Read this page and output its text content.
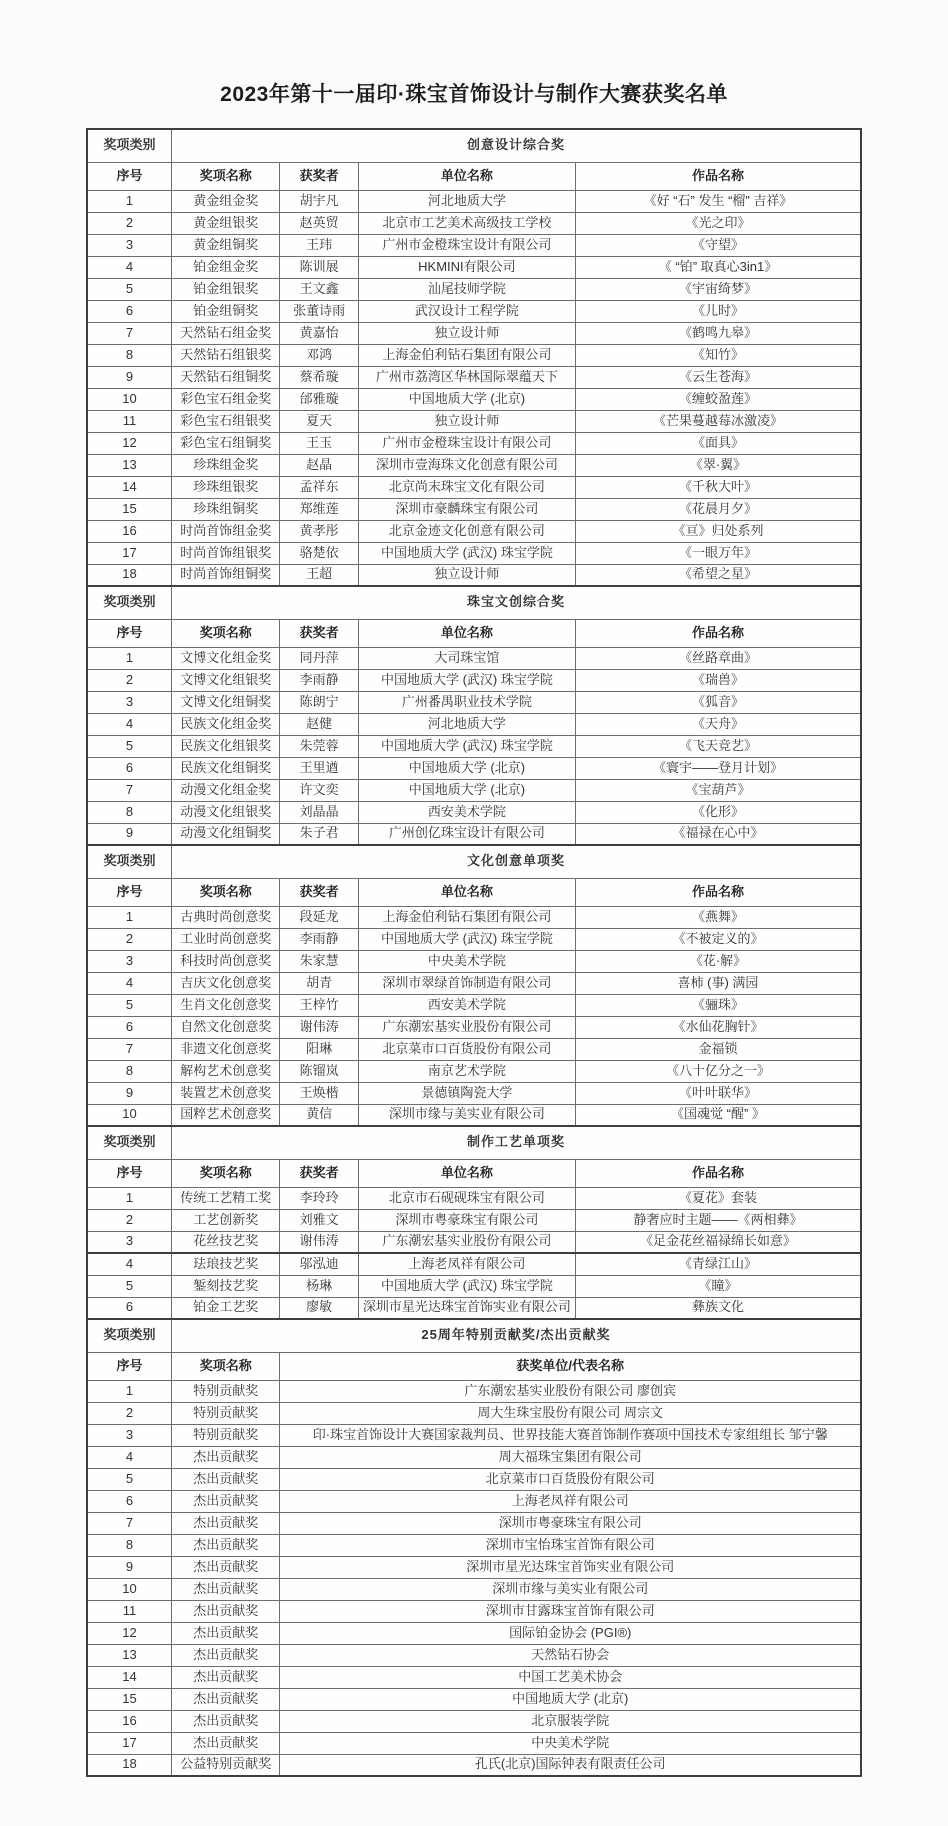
2023年第十一届印·珠宝首饰设计与制作大赛获奖名单
奖项类别	创意设计综合奖			
序号	奖项名称	获奖者	单位名称	作品名称
1	黄金组金奖	胡宇凡	河北地质大学	《好 “石” 发生 “榴” 吉祥》
2	黄金组银奖	赵英贸	北京市工艺美术高级技工学校	《光之印》
3	黄金组铜奖	王玮	广州市金橙珠宝设计有限公司	《守望》
4	铂金组金奖	陈训展	HKMINI有限公司	《 “铂” 取真心3in1》
5	铂金组银奖	王文鑫	汕尾技师学院	《宇宙绮梦》
6	铂金组铜奖	张董诗雨	武汉设计工程学院	《儿时》
7	天然钻石组金奖	黄嘉怡	独立设计师	《鹤鸣九皋》
8	天然钻石组银奖	邓鸿	上海金伯利钻石集团有限公司	《知竹》
9	天然钻石组铜奖	蔡希璇	广州市荔湾区华林国际翠蕴天下	《云生苍海》
10	彩色宝石组金奖	邰雅璇	中国地质大学 (北京)	《缠蛟盈莲》
11	彩色宝石组银奖	夏天	独立设计师	《芒果蔓越莓冰激凌》
12	彩色宝石组铜奖	王玉	广州市金橙珠宝设计有限公司	《面具》
13	珍珠组金奖	赵晶	深圳市壹海珠文化创意有限公司	《翠·翼》
14	珍珠组银奖	孟祥东	北京尚末珠宝文化有限公司	《千秋大叶》
15	珍珠组铜奖	郑维莲	深圳市豪麟珠宝有限公司	《花晨月夕》
16	时尚首饰组金奖	黄孝彤	北京金迹文化创意有限公司	《亘》归处系列
17	时尚首饰组银奖	骆楚依	中国地质大学 (武汉) 珠宝学院	《一眼万年》
18	时尚首饰组铜奖	王超	独立设计师	《希望之星》
奖项类别	珠宝文创综合奖			
序号	奖项名称	获奖者	单位名称	作品名称
1	文博文化组金奖	同丹萍	大司珠宝馆	《丝路章曲》
2	文博文化组银奖	李雨静	中国地质大学 (武汉) 珠宝学院	《瑞兽》
3	文博文化组铜奖	陈朗宁	广州番禺职业技术学院	《狐音》
4	民族文化组金奖	赵健	河北地质大学	《天舟》
5	民族文化组银奖	朱莞蓉	中国地质大学 (武汉) 珠宝学院	《飞天竞艺》
6	民族文化组铜奖	王里遒	中国地质大学 (北京)	《寰宇——登月计划》
7	动漫文化组金奖	许文奕	中国地质大学 (北京)	《宝葫芦》
8	动漫文化组银奖	刘晶晶	西安美术学院	《化形》
9	动漫文化组铜奖	朱子君	广州创亿珠宝设计有限公司	《福禄在心中》
奖项类别	文化创意单项奖			
序号	奖项名称	获奖者	单位名称	作品名称
1	古典时尚创意奖	段延龙	上海金伯利钻石集团有限公司	《燕舞》
2	工业时尚创意奖	李雨静	中国地质大学 (武汉) 珠宝学院	《不被定义的》
3	科技时尚创意奖	朱家慧	中央美术学院	《花·解》
4	吉庆文化创意奖	胡青	深圳市翠绿首饰制造有限公司	喜柿 (事) 满园
5	生肖文化创意奖	王梓竹	西安美术学院	《骊珠》
6	自然文化创意奖	谢伟涛	广东潮宏基实业股份有限公司	《水仙花胸针》
7	非遗文化创意奖	阳琳	北京菜市口百货股份有限公司	金福锁
8	解构艺术创意奖	陈镏岚	南京艺术学院	《八十亿分之一》
9	装置艺术创意奖	王焕楷	景德镇陶瓷大学	《叶叶联华》
10	国粹艺术创意奖	黄信	深圳市缘与美实业有限公司	《国魂觉 “醒” 》
奖项类别	制作工艺单项奖			
序号	奖项名称	获奖者	单位名称	作品名称
1	传统工艺精工奖	李玲玲	北京市石砚砚珠宝有限公司	《夏花》套装
2	工艺创新奖	刘雅文	深圳市粤豪珠宝有限公司	静奢应时主题——《两相彝》
3	花丝技艺奖	谢伟涛	广东潮宏基实业股份有限公司	《足金花丝福禄绵长如意》
4	珐琅技艺奖	邬泓迪	上海老凤祥有限公司	《青绿江山》
5	錾刻技艺奖	杨琳	中国地质大学 (武汉) 珠宝学院	《瞳》
6	铂金工艺奖	廖敏	深圳市星光达珠宝首饰实业有限公司	彝族文化
奖项类别	25周年特别贡献奖/杰出贡献奖	
序号	奖项名称	获奖单位/代表名称
1	特别贡献奖	广东潮宏基实业股份有限公司 廖创宾
2	特别贡献奖	周大生珠宝股份有限公司 周宗文
3	特别贡献奖	印·珠宝首饰设计大赛国家裁判员、世界技能大赛首饰制作赛项中国技术专家组组长 邹宁馨
4	杰出贡献奖	周大福珠宝集团有限公司
5	杰出贡献奖	北京菜市口百货股份有限公司
6	杰出贡献奖	上海老凤祥有限公司
7	杰出贡献奖	深圳市粤豪珠宝有限公司
8	杰出贡献奖	深圳市宝怡珠宝首饰有限公司
9	杰出贡献奖	深圳市星光达珠宝首饰实业有限公司
10	杰出贡献奖	深圳市缘与美实业有限公司
11	杰出贡献奖	深圳市甘露珠宝首饰有限公司
12	杰出贡献奖	国际铂金协会 (PGI®)
13	杰出贡献奖	天然钻石协会
14	杰出贡献奖	中国工艺美术协会
15	杰出贡献奖	中国地质大学 (北京)
16	杰出贡献奖	北京服装学院
17	杰出贡献奖	中央美术学院
18	公益特别贡献奖	孔氏(北京)国际钟表有限责任公司
